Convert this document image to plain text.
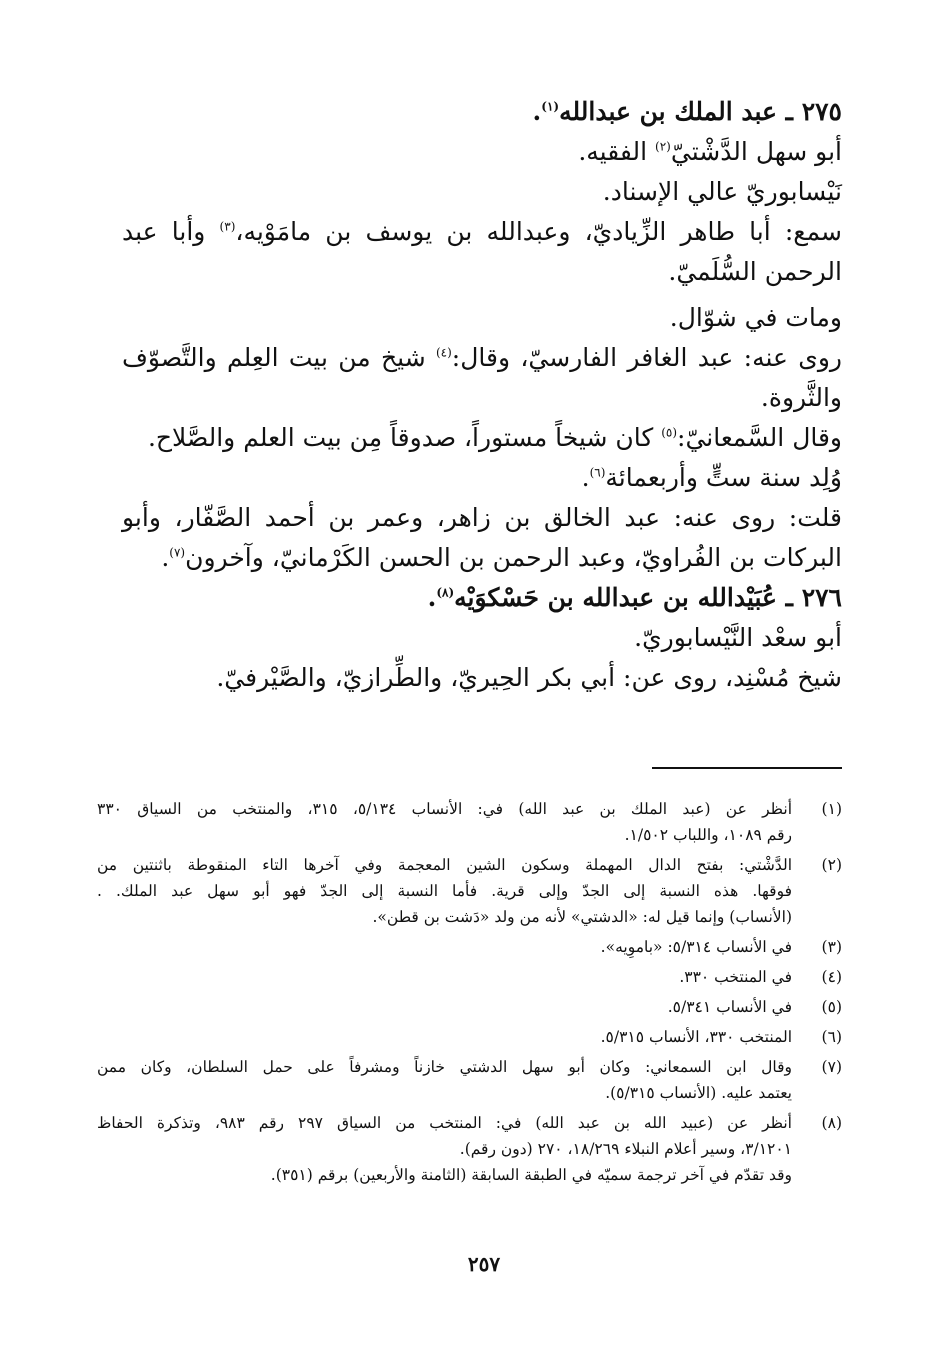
٢٧٥ ـ عبد الملك بن عبدالله$^{(١)}$.
أبو سهل الدَّشْتيّ$^{(٢)}$ الفقيه.
نَيْسابوريّ عالي الإسناد.
سمع: أبا طاهر الزِّياديّ، وعبدالله بن يوسف بن مامَوْيه،$^{(٣)}$ وأبا عبد
الرحمن السُّلَميّ.
ومات في شوّال.
روى عنه: عبد الغافر الفارسيّ، وقال:$^{(٤)}$ شيخ من بيت العِلم والتَّصوّف
والثَّروة.
وقال السَّمعانيّ:$^{(٥)}$ كان شيخاً مستوراً، صدوقاً مِن بيت العلم والصَّلاح.
وُلِد سنة ستٍّ وأربعمائة$^{(٦)}$.
قلت: روى عنه: عبد الخالق بن زاهر، وعمر بن أحمد الصَّفّار، وأبو
البركات بن الفُراويّ، وعبد الرحمن بن الحسن الكَرْمانيّ، وآخرون$^{(٧)}$.
٢٧٦ ـ عُبَيْدالله بن عبدالله بن حَسْكوَيْه$^{(٨)}$.
أبو سعْد النَّيْسابوريّ.
شيخ مُسْنِد، روى عن: أبي بكر الحِيريّ، والطِّرازيّ، والصَّيْرفيّ.
(١)
أنظر عن (عبد الملك بن عبد الله) في: الأنساب ٥/١٣٤، ٣١٥، والمنتخب من السياق ٣٣٠
رقم ١٠٨٩، واللباب ١/٥٠٢.
(٢)
الدَّشْتي: بفتح الدال المهملة وسكون الشين المعجمة وفي آخرها التاء المنقوطة باثنتين من
فوقها. هذه النسبة إلى الجدّ وإلى قرية. فأما النسبة إلى الجدّ فهو أبو سهل عبد الملك. .
(الأنساب) وإنما قيل له: «الدشتي» لأنه من ولد «دَشت بن قطن».
(٣)
في الأنساب ٥/٣١٤: «باموِيه».
(٤)
في المنتخب ٣٣٠.
(٥)
في الأنساب ٥/٣٤١.
(٦)
المنتخب ٣٣٠، الأنساب ٥/٣١٥.
(٧)
وقال ابن السمعاني: وكان أبو سهل الدشتي خازناً ومشرفاً على حمل السلطان، وكان ممن
يعتمد عليه. (الأنساب ٥/٣١٥).
(٨)
أنظر عن (عبيد الله بن عبد الله) في: المنتخب من السياق ٢٩٧ رقم ٩٨٣، وتذكرة الحفاظ
٣/١٢٠١، وسير أعلام النبلاء ١٨/٢٦٩، ٢٧٠ (دون رقم).
وقد تقدّم في آخر ترجمة سميّه في الطبقة السابقة (الثامنة والأربعين) برقم (٣٥١).
٢٥٧
